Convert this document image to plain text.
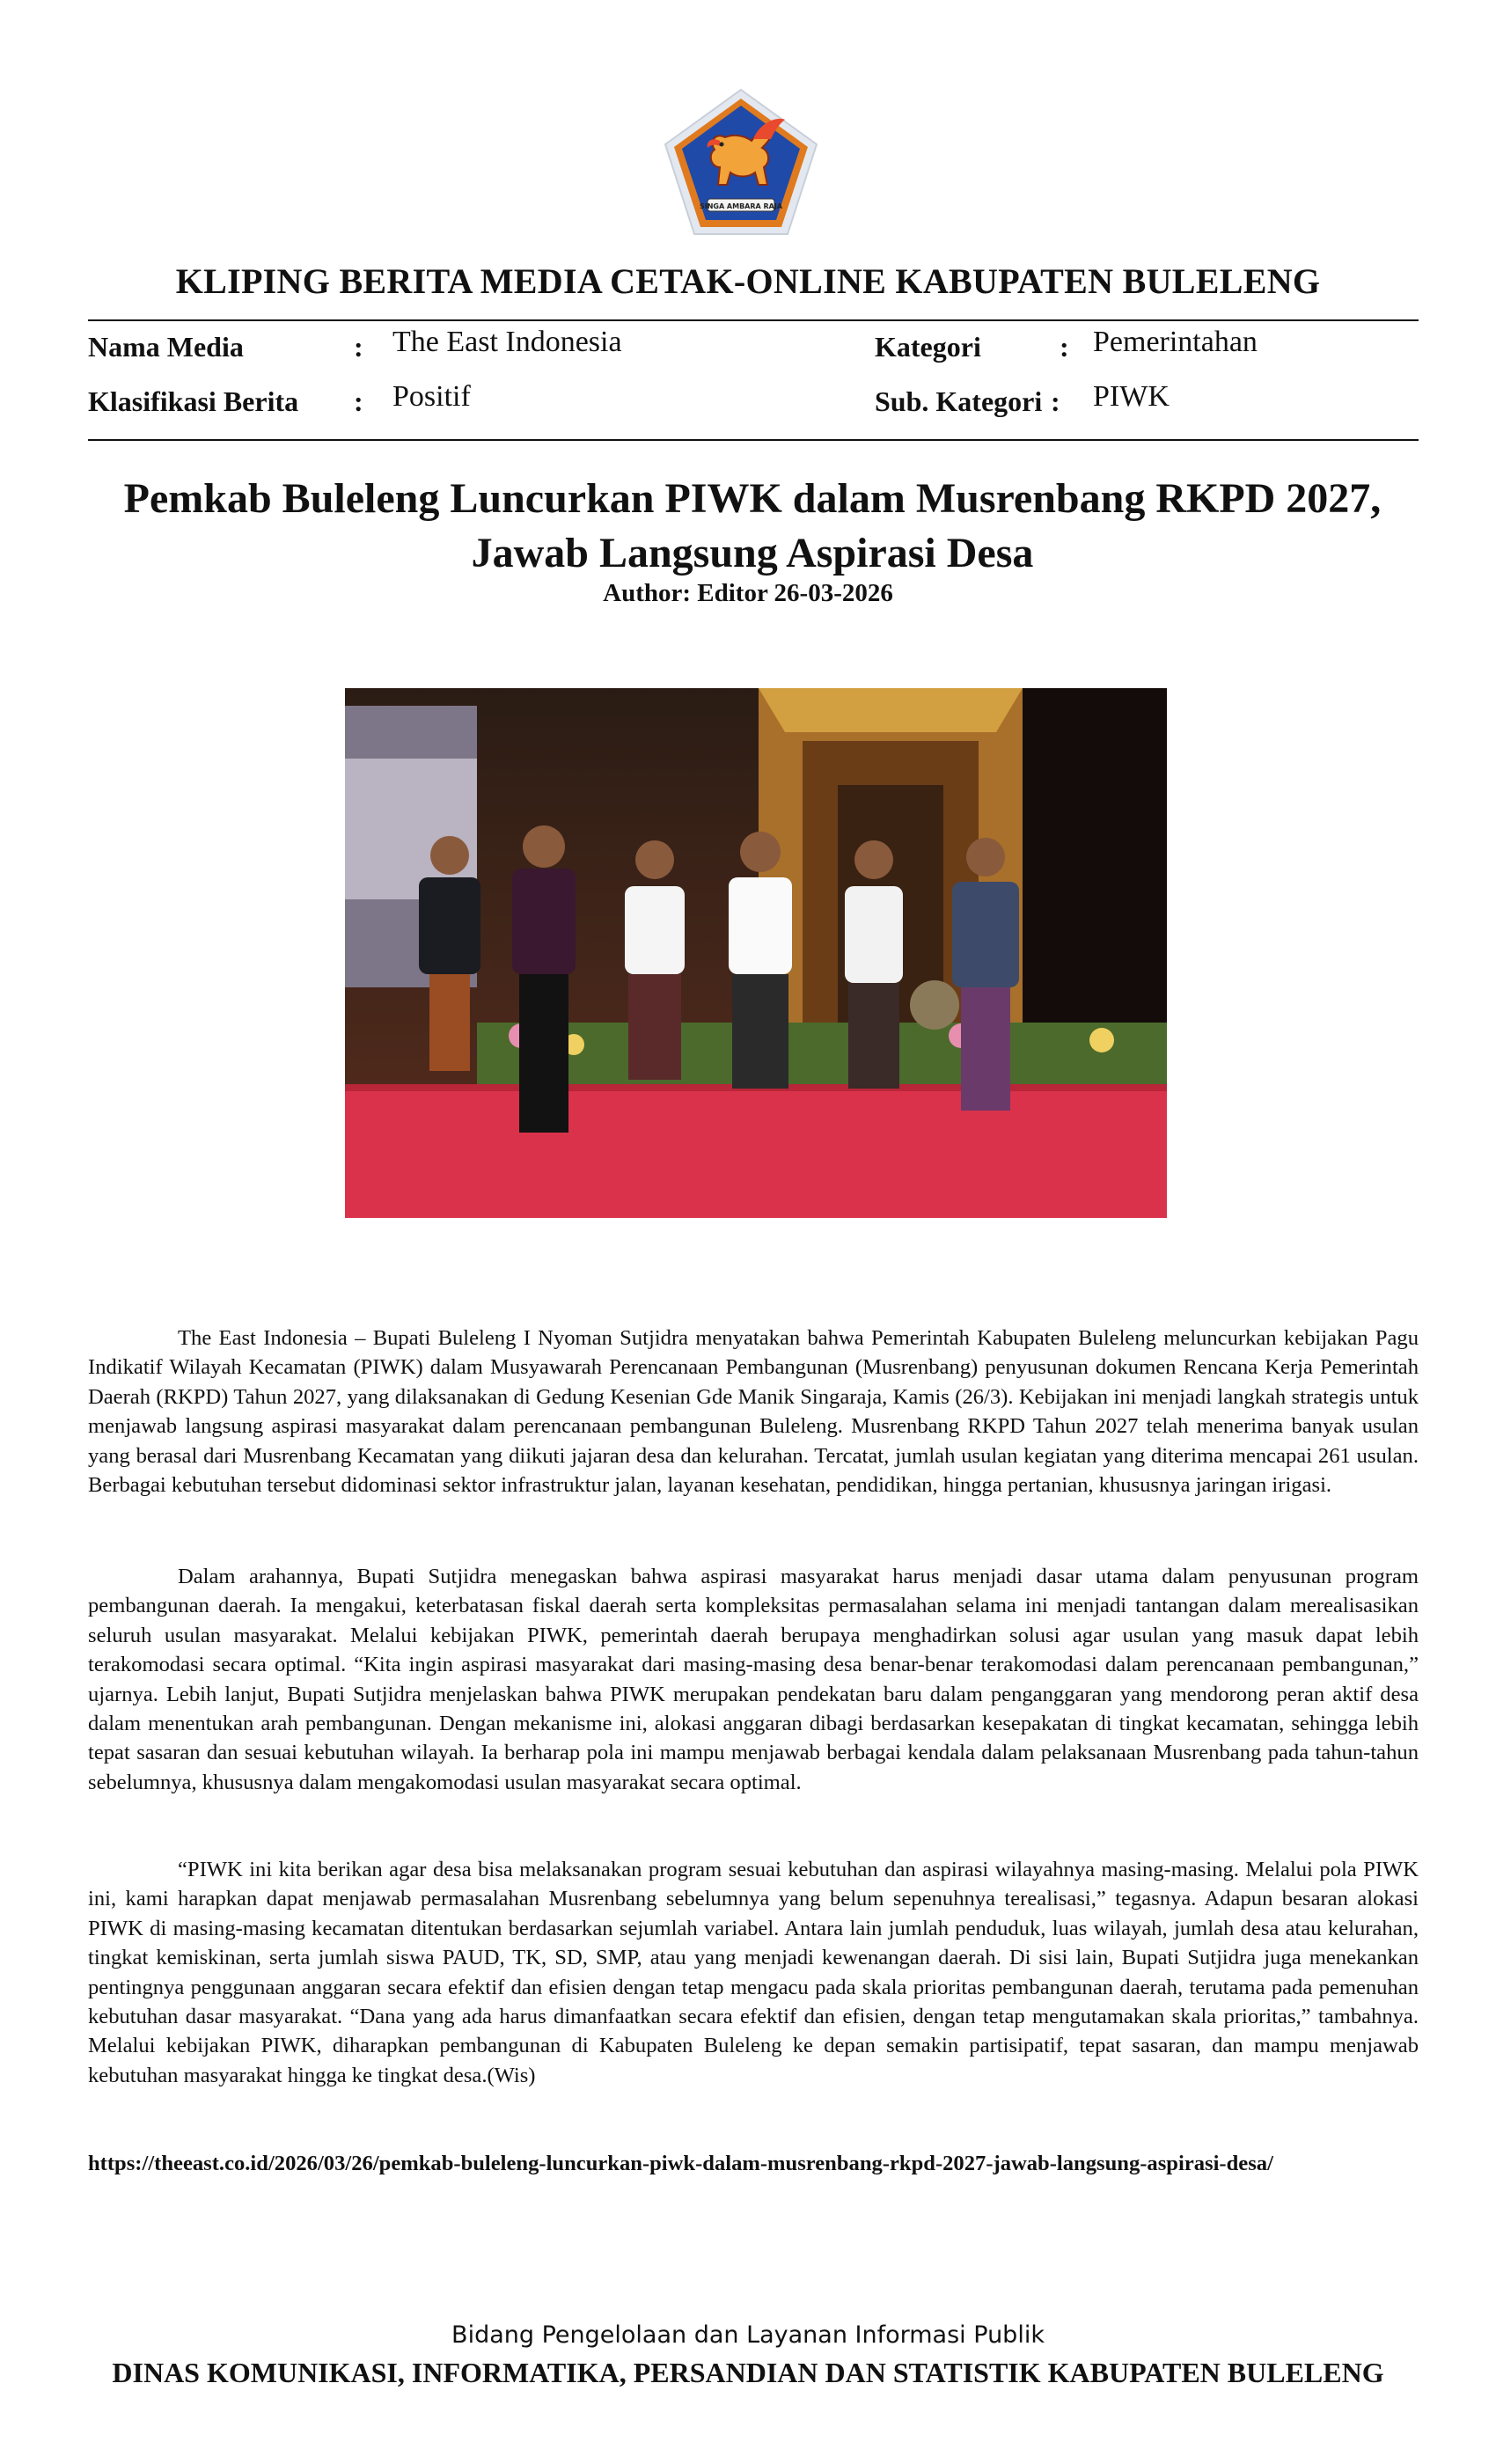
SINGA AMBARA RAJA
KLIPING BERITA MEDIA CETAK-ONLINE KABUPATEN BULELENG
Nama Media	: The East Indonesia	Kategori	: Pemerintahan
Klasifikasi Berita : Positif	Sub. Kategori : PIWK
Pemkab Buleleng Luncurkan PIWK dalam Musrenbang RKPD 2027,
Jawab Langsung Aspirasi Desa
Author: Editor 26-03-2026

The East Indonesia – Bupati Buleleng I Nyoman Sutjidra menyatakan bahwa Pemerintah Kabupaten Buleleng meluncurkan kebijakan Pagu Indikatif Wilayah Kecamatan (PIWK) dalam Musyawarah Perencanaan Pembangunan (Musrenbang) penyusunan dokumen Rencana Kerja Pemerintah Daerah (RKPD) Tahun 2027, yang dilaksanakan di Gedung Kesenian Gde Manik Singaraja, Kamis (26/3). Kebijakan ini menjadi langkah strategis untuk menjawab langsung aspirasi masyarakat dalam perencanaan pembangunan Buleleng. Musrenbang RKPD Tahun 2027 telah menerima banyak usulan yang berasal dari Musrenbang Kecamatan yang diikuti jajaran desa dan kelurahan. Tercatat, jumlah usulan kegiatan yang diterima mencapai 261 usulan. Berbagai kebutuhan tersebut didominasi sektor infrastruktur jalan, layanan kesehatan, pendidikan, hingga pertanian, khususnya jaringan irigasi.

Dalam arahannya, Bupati Sutjidra menegaskan bahwa aspirasi masyarakat harus menjadi dasar utama dalam penyusunan program pembangunan daerah. Ia mengakui, keterbatasan fiskal daerah serta kompleksitas permasalahan selama ini menjadi tantangan dalam merealisasikan seluruh usulan masyarakat. Melalui kebijakan PIWK, pemerintah daerah berupaya menghadirkan solusi agar usulan yang masuk dapat lebih terakomodasi secara optimal. “Kita ingin aspirasi masyarakat dari masing-masing desa benar-benar terakomodasi dalam perencanaan pembangunan,” ujarnya. Lebih lanjut, Bupati Sutjidra menjelaskan bahwa PIWK merupakan pendekatan baru dalam penganggaran yang mendorong peran aktif desa dalam menentukan arah pembangunan. Dengan mekanisme ini, alokasi anggaran dibagi berdasarkan kesepakatan di tingkat kecamatan, sehingga lebih tepat sasaran dan sesuai kebutuhan wilayah. Ia berharap pola ini mampu menjawab berbagai kendala dalam pelaksanaan Musrenbang pada tahun-tahun sebelumnya, khususnya dalam mengakomodasi usulan masyarakat secara optimal.

“PIWK ini kita berikan agar desa bisa melaksanakan program sesuai kebutuhan dan aspirasi wilayahnya masing-masing. Melalui pola PIWK ini, kami harapkan dapat menjawab permasalahan Musrenbang sebelumnya yang belum sepenuhnya terealisasi,” tegasnya. Adapun besaran alokasi PIWK di masing-masing kecamatan ditentukan berdasarkan sejumlah variabel. Antara lain jumlah penduduk, luas wilayah, jumlah desa atau kelurahan, tingkat kemiskinan, serta jumlah siswa PAUD, TK, SD, SMP, atau yang menjadi kewenangan daerah. Di sisi lain, Bupati Sutjidra juga menekankan pentingnya penggunaan anggaran secara efektif dan efisien dengan tetap mengacu pada skala prioritas pembangunan daerah, terutama pada pemenuhan kebutuhan dasar masyarakat. “Dana yang ada harus dimanfaatkan secara efektif dan efisien, dengan tetap mengutamakan skala prioritas,” tambahnya. Melalui kebijakan PIWK, diharapkan pembangunan di Kabupaten Buleleng ke depan semakin partisipatif, tepat sasaran, dan mampu menjawab kebutuhan masyarakat hingga ke tingkat desa.(Wis)

https://theeast.co.id/2026/03/26/pemkab-buleleng-luncurkan-piwk-dalam-musrenbang-rkpd-2027-jawab-langsung-aspirasi-desa/
Bidang Pengelolaan dan Layanan Informasi Publik
DINAS KOMUNIKASI, INFORMATIKA, PERSANDIAN DAN STATISTIK KABUPATEN BULELENG
